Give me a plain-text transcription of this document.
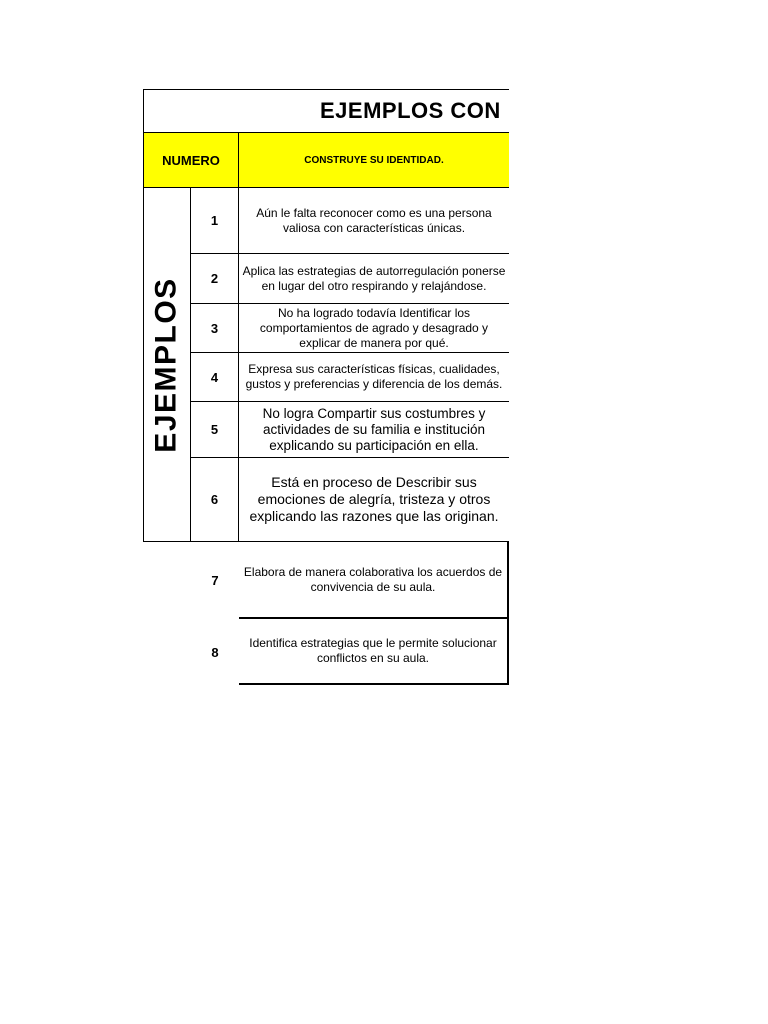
EJEMPLOS CON
NUMERO	CONSTRUYE SU IDENTIDAD.
EJEMPLOS
1
Aún le falta reconocer como es una persona valiosa con características únicas.
2
Aplica las estrategias de autorregulación ponerse en lugar del otro respirando y relajándose.
3
No ha logrado todavía Identificar los comportamientos de agrado y desagrado y explicar de manera por qué.
4
Expresa sus características físicas, cualidades, gustos y preferencias y diferencia de los demás.
5
No logra Compartir sus costumbres y actividades de su familia e institución explicando su participación en ella.
6
Está en proceso de Describir sus emociones de alegría, tristeza y otros explicando las razones que las originan.
7
Elabora de manera colaborativa los acuerdos de convivencia de su aula.
8
Identifica estrategias que le permite solucionar conflictos en su aula.
